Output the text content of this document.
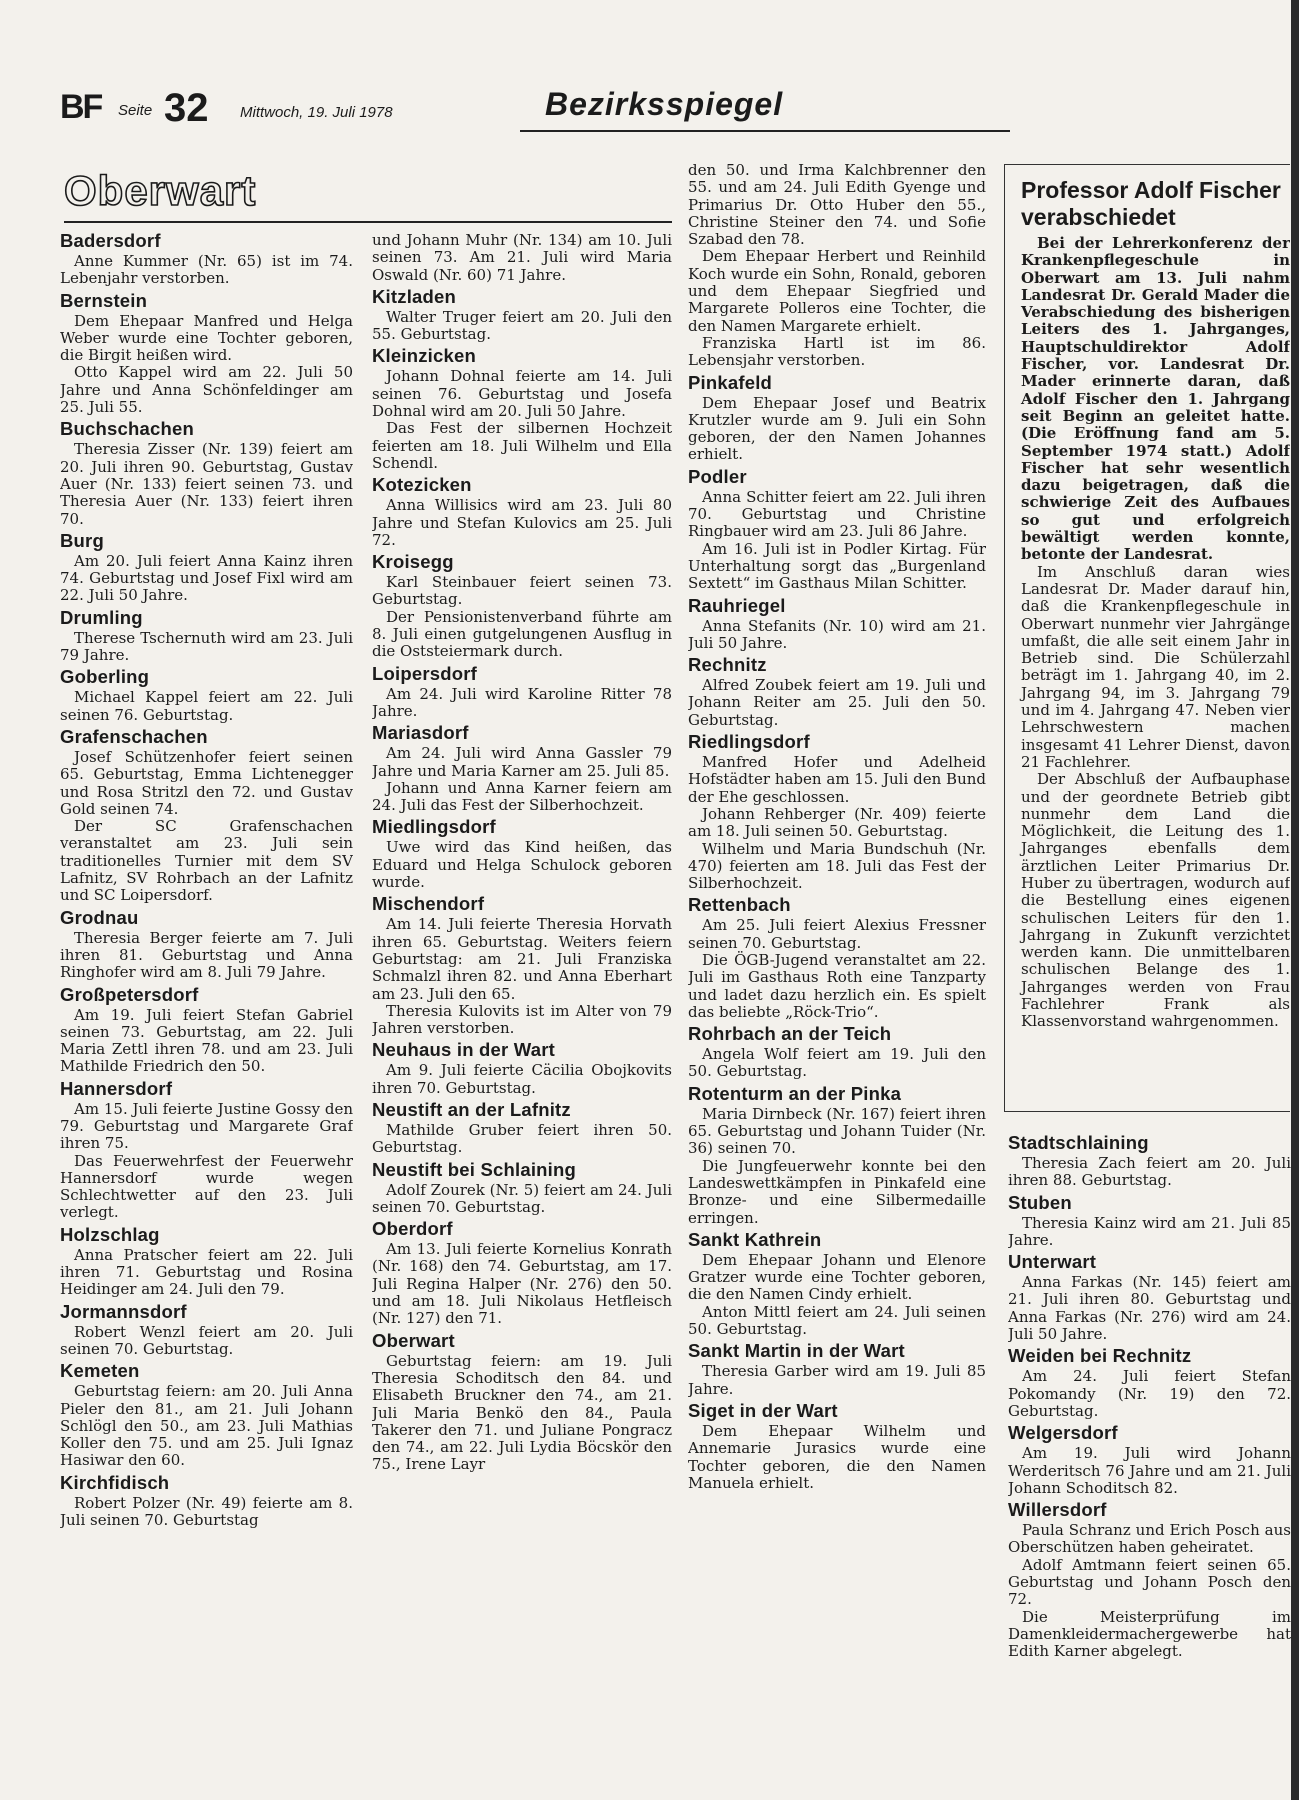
BF Seite 32 Mittwoch, 19. Juli 1978	Bezirksspiegel
Oberwart
Badersdorf

Anne Kummer (Nr. 65) ist im 74. Lebenjahr verstorben.

Bernstein

Dem Ehepaar Manfred und Helga Weber wurde eine Tochter geboren, die Birgit heißen wird.

Otto Kappel wird am 22. Juli 50 Jahre und Anna Schönfeldinger am 25. Juli 55.

Buchschachen

Theresia Zisser (Nr. 139) feiert am 20. Juli ihren 90. Geburtstag, Gustav Auer (Nr. 133) feiert seinen 73. und Theresia Auer (Nr. 133) feiert ihren 70.

Burg

Am 20. Juli feiert Anna Kainz ihren 74. Geburtstag und Josef Fixl wird am 22. Juli 50 Jahre.

Drumling

Therese Tschernuth wird am 23. Juli 79 Jahre.

Goberling

Michael Kappel feiert am 22. Juli seinen 76. Geburtstag.

Grafenschachen

Josef Schützenhofer feiert seinen 65. Geburtstag, Emma Lichtenegger und Rosa Stritzl den 72. und Gustav Gold seinen 74.

Der SC Grafenschachen veranstaltet am 23. Juli sein traditionelles Turnier mit dem SV Lafnitz, SV Rohrbach an der Lafnitz und SC Loipersdorf.

Grodnau

Theresia Berger feierte am 7. Juli ihren 81. Geburtstag und Anna Ringhofer wird am 8. Juli 79 Jahre.

Großpetersdorf

Am 19. Juli feiert Stefan Gabriel seinen 73. Geburtstag, am 22. Juli Maria Zettl ihren 78. und am 23. Juli Mathilde Friedrich den 50.

Hannersdorf

Am 15. Juli feierte Justine Gossy den 79. Geburtstag und Margarete Graf ihren 75.

Das Feuerwehrfest der Feuerwehr Hannersdorf wurde wegen Schlechtwetter auf den 23. Juli verlegt.

Holzschlag

Anna Pratscher feiert am 22. Juli ihren 71. Geburtstag und Rosina Heidinger am 24. Juli den 79.

Jormannsdorf

Robert Wenzl feiert am 20. Juli seinen 70. Geburtstag.

Kemeten

Geburtstag feiern: am 20. Juli Anna Pieler den 81., am 21. Juli Johann Schlögl den 50., am 23. Juli Mathias Koller den 75. und am 25. Juli Ignaz Hasiwar den 60.

Kirchfidisch

Robert Polzer (Nr. 49) feierte am 8. Juli seinen 70. Geburtstag

und Johann Muhr (Nr. 134) am 10. Juli seinen 73. Am 21. Juli wird Maria Oswald (Nr. 60) 71 Jahre.

Kitzladen

Walter Truger feiert am 20. Juli den 55. Geburtstag.

Kleinzicken

Johann Dohnal feierte am 14. Juli seinen 76. Geburtstag und Josefa Dohnal wird am 20. Juli 50 Jahre.

Das Fest der silbernen Hochzeit feierten am 18. Juli Wilhelm und Ella Schendl.

Kotezicken

Anna Willisics wird am 23. Juli 80 Jahre und Stefan Kulovics am 25. Juli 72.

Kroisegg

Karl Steinbauer feiert seinen 73. Geburtstag.

Der Pensionistenverband führte am 8. Juli einen gutgelungenen Ausflug in die Oststeiermark durch.

Loipersdorf

Am 24. Juli wird Karoline Ritter 78 Jahre.

Mariasdorf

Am 24. Juli wird Anna Gassler 79 Jahre und Maria Karner am 25. Juli 85.

Johann und Anna Karner feiern am 24. Juli das Fest der Silberhochzeit.

Miedlingsdorf

Uwe wird das Kind heißen, das Eduard und Helga Schulock geboren wurde.

Mischendorf

Am 14. Juli feierte Theresia Horvath ihren 65. Geburtstag. Weiters feiern Geburtstag: am 21. Juli Franziska Schmalzl ihren 82. und Anna Eberhart am 23. Juli den 65.

Theresia Kulovits ist im Alter von 79 Jahren verstorben.

Neuhaus in der Wart

Am 9. Juli feierte Cäcilia Obojkovits ihren 70. Geburtstag.

Neustift an der Lafnitz

Mathilde Gruber feiert ihren 50. Geburtstag.

Neustift bei Schlaining

Adolf Zourek (Nr. 5) feiert am 24. Juli seinen 70. Geburtstag.

Oberdorf

Am 13. Juli feierte Kornelius Konrath (Nr. 168) den 74. Geburtstag, am 17. Juli Regina Halper (Nr. 276) den 50. und am 18. Juli Nikolaus Hetfleisch (Nr. 127) den 71.

Oberwart

Geburtstag feiern: am 19. Juli Theresia Schoditsch den 84. und Elisabeth Bruckner den 74., am 21. Juli Maria Benkö den 84., Paula Takerer den 71. und Juliane Pongracz den 74., am 22. Juli Lydia Böcskör den 75., Irene Layr

den 50. und Irma Kalchbrenner den 55. und am 24. Juli Edith Gyenge und Primarius Dr. Otto Huber den 55., Christine Steiner den 74. und Sofie Szabad den 78.

Dem Ehepaar Herbert und Reinhild Koch wurde ein Sohn, Ronald, geboren und dem Ehepaar Siegfried und Margarete Polleros eine Tochter, die den Namen Margarete erhielt.

Franziska Hartl ist im 86. Lebensjahr verstorben.

Pinkafeld

Dem Ehepaar Josef und Beatrix Krutzler wurde am 9. Juli ein Sohn geboren, der den Namen Johannes erhielt.

Podler

Anna Schitter feiert am 22. Juli ihren 70. Geburtstag und Christine Ringbauer wird am 23. Juli 86 Jahre.

Am 16. Juli ist in Podler Kirtag. Für Unterhaltung sorgt das „Burgenland Sextett“ im Gasthaus Milan Schitter.

Rauhriegel

Anna Stefanits (Nr. 10) wird am 21. Juli 50 Jahre.

Rechnitz

Alfred Zoubek feiert am 19. Juli und Johann Reiter am 25. Juli den 50. Geburtstag.

Riedlingsdorf

Manfred Hofer und Adelheid Hofstädter haben am 15. Juli den Bund der Ehe geschlossen.

Johann Rehberger (Nr. 409) feierte am 18. Juli seinen 50. Geburtstag.

Wilhelm und Maria Bundschuh (Nr. 470) feierten am 18. Juli das Fest der Silberhochzeit.

Rettenbach

Am 25. Juli feiert Alexius Fressner seinen 70. Geburtstag.

Die ÖGB-Jugend veranstaltet am 22. Juli im Gasthaus Roth eine Tanzparty und ladet dazu herzlich ein. Es spielt das beliebte „Röck-Trio“.

Rohrbach an der Teich

Angela Wolf feiert am 19. Juli den 50. Geburtstag.

Rotenturm an der Pinka

Maria Dirnbeck (Nr. 167) feiert ihren 65. Geburtstag und Johann Tuider (Nr. 36) seinen 70.

Die Jungfeuerwehr konnte bei den Landeswettkämpfen in Pinkafeld eine Bronze- und eine Silbermedaille erringen.

Sankt Kathrein

Dem Ehepaar Johann und Elenore Gratzer wurde eine Tochter geboren, die den Namen Cindy erhielt.

Anton Mittl feiert am 24. Juli seinen 50. Geburtstag.

Sankt Martin in der Wart

Theresia Garber wird am 19. Juli 85 Jahre.

Siget in der Wart

Dem Ehepaar Wilhelm und Annemarie Jurasics wurde eine Tochter geboren, die den Namen Manuela erhielt.

Professor Adolf Fischer verabschiedet

Bei der Lehrerkonferenz der Krankenpflegeschule in Oberwart am 13. Juli nahm Landesrat Dr. Gerald Mader die Verabschiedung des bisherigen Leiters des 1. Jahrganges, Hauptschuldirektor Adolf Fischer, vor. Landesrat Dr. Mader erinnerte daran, daß Adolf Fischer den 1. Jahrgang seit Beginn an geleitet hatte. (Die Eröffnung fand am 5. September 1974 statt.) Adolf Fischer hat sehr wesentlich dazu beigetragen, daß die schwierige Zeit des Aufbaues so gut und erfolgreich bewältigt werden konnte, betonte der Landesrat.

Im Anschluß daran wies Landesrat Dr. Mader darauf hin, daß die Krankenpflegeschule in Oberwart nunmehr vier Jahrgänge umfaßt, die alle seit einem Jahr in Betrieb sind. Die Schülerzahl beträgt im 1. Jahrgang 40, im 2. Jahrgang 94, im 3. Jahrgang 79 und im 4. Jahrgang 47. Neben vier Lehrschwestern machen insgesamt 41 Lehrer Dienst, davon 21 Fachlehrer.

Der Abschluß der Aufbauphase und der geordnete Betrieb gibt nunmehr dem Land die Möglichkeit, die Leitung des 1. Jahrganges ebenfalls dem ärztlichen Leiter Primarius Dr. Huber zu übertragen, wodurch auf die Bestellung eines eigenen schulischen Leiters für den 1. Jahrgang in Zukunft verzichtet werden kann. Die unmittelbaren schulischen Belange des 1. Jahrganges werden von Frau Fachlehrer Frank als Klassenvorstand wahrgenommen.

Stadtschlaining

Theresia Zach feiert am 20. Juli ihren 88. Geburtstag.

Stuben

Theresia Kainz wird am 21. Juli 85 Jahre.

Unterwart

Anna Farkas (Nr. 145) feiert am 21. Juli ihren 80. Geburtstag und Anna Farkas (Nr. 276) wird am 24. Juli 50 Jahre.

Weiden bei Rechnitz

Am 24. Juli feiert Stefan Pokomandy (Nr. 19) den 72. Geburtstag.

Welgersdorf

Am 19. Juli wird Johann Werderitsch 76 Jahre und am 21. Juli Johann Schoditsch 82.

Willersdorf

Paula Schranz und Erich Posch aus Oberschützen haben geheiratet.

Adolf Amtmann feiert seinen 65. Geburtstag und Johann Posch den 72.

Die Meisterprüfung im Damenkleidermachergewerbe hat Edith Karner abgelegt.
